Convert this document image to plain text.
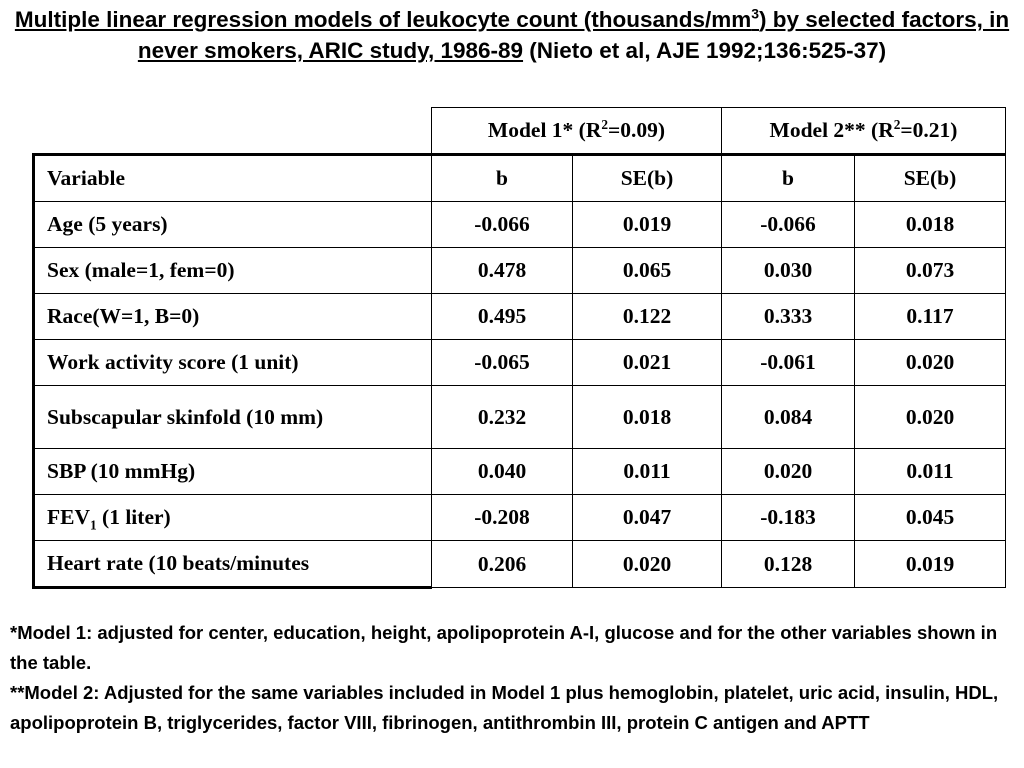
Multiple linear regression models of leukocyte count $(thousands/mm^3)$ by selected factors, in never smokers, ARIC study, 1986-89 (Nieto et al, AJE 1992;136:525-37)
	Model 1* $(R^2=0.09)$		Model 2** $(R^2=0.21)$	
Variable	b	SE(b)	b	SE(b)
Age (5 years)	-0.066	0.019	-0.066	0.018
Sex (male=1, fem=0)	0.478	0.065	0.030	0.073
Race(W=1, B=0)	0.495	0.122	0.333	0.117
Work activity score (1 unit)	-0.065	0.021	-0.061	0.020

Subscapular skinfold (10 mm)	0.232	0.018	0.084	0.020
SBP (10 mmHg)	0.040	0.011	0.020	0.011
$FEV_1$ (1 liter)	-0.208	0.047	-0.183	0.045
Heart rate (10 beats/minutes	0.206	0.020	0.128	0.019

*Model 1: adjusted for center, education, height, apolipoprotein A-I, glucose and for the other variables shown in the table.

**Model 2: Adjusted for the same variables included in Model 1 plus hemoglobin, platelet, uric acid, insulin, HDL, apolipoprotein B, triglycerides, factor VIII, fibrinogen, antithrombin III, protein C antigen and APTT
